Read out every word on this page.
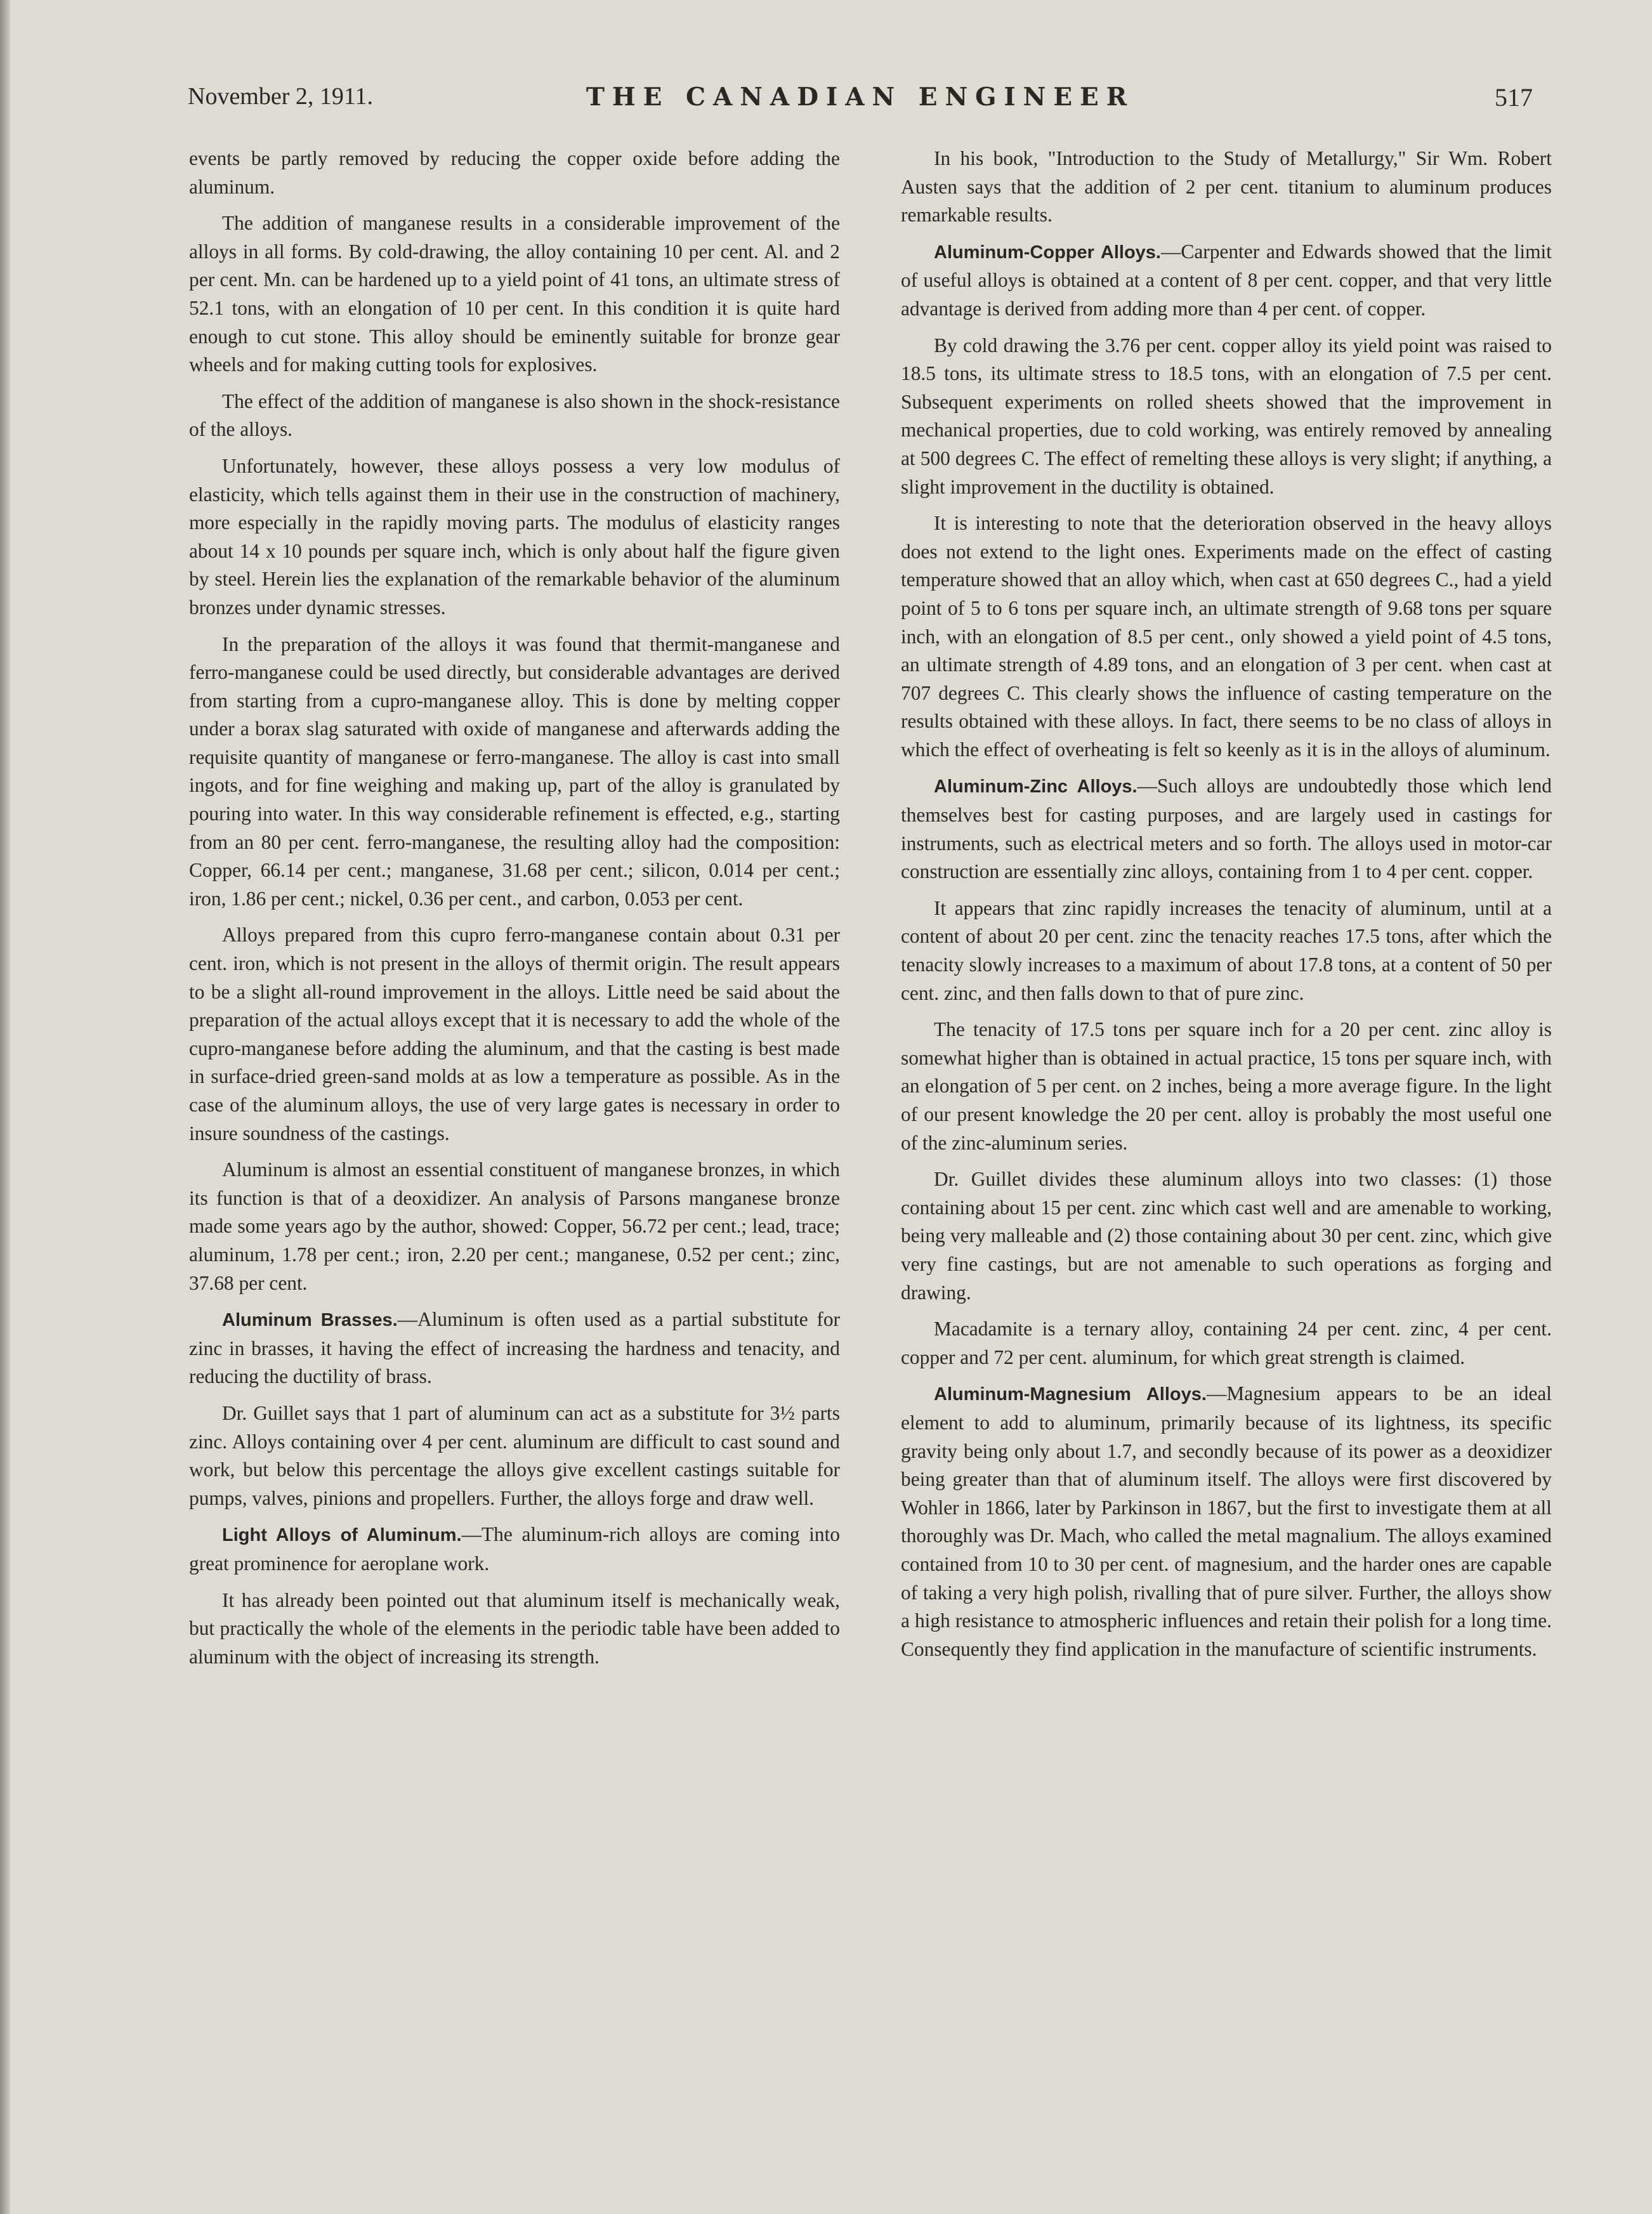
November 2, 1911.	THE CANADIAN ENGINEER	517

events be partly removed by reducing the copper oxide before adding the aluminum.

The addition of manganese results in a considerable improvement of the alloys in all forms. By cold-drawing, the alloy containing 10 per cent. Al. and 2 per cent. Mn. can be hardened up to a yield point of 41 tons, an ultimate stress of 52.1 tons, with an elongation of 10 per cent. In this condition it is quite hard enough to cut stone. This alloy should be eminently suitable for bronze gear wheels and for making cutting tools for explosives.

The effect of the addition of manganese is also shown in the shock-resistance of the alloys.

Unfortunately, however, these alloys possess a very low modulus of elasticity, which tells against them in their use in the construction of machinery, more especially in the rapidly moving parts. The modulus of elasticity ranges about 14 x 10 pounds per square inch, which is only about half the figure given by steel. Herein lies the explanation of the remarkable behavior of the aluminum bronzes under dynamic stresses.

In the preparation of the alloys it was found that thermit-manganese and ferro-manganese could be used directly, but considerable advantages are derived from starting from a cupro-manganese alloy. This is done by melting copper under a borax slag saturated with oxide of manganese and afterwards adding the requisite quantity of manganese or ferro-manganese. The alloy is cast into small ingots, and for fine weighing and making up, part of the alloy is granulated by pouring into water. In this way considerable refinement is effected, e.g., starting from an 80 per cent. ferro-manganese, the resulting alloy had the composition: Copper, 66.14 per cent.; manganese, 31.68 per cent.; silicon, 0.014 per cent.; iron, 1.86 per cent.; nickel, 0.36 per cent., and carbon, 0.053 per cent.

Alloys prepared from this cupro ferro-manganese contain about 0.31 per cent. iron, which is not present in the alloys of thermit origin. The result appears to be a slight all-round improvement in the alloys. Little need be said about the preparation of the actual alloys except that it is necessary to add the whole of the cupro-manganese before adding the aluminum, and that the casting is best made in surface-dried green-sand molds at as low a temperature as possible. As in the case of the aluminum alloys, the use of very large gates is necessary in order to insure soundness of the castings.

Aluminum is almost an essential constituent of manganese bronzes, in which its function is that of a deoxidizer. An analysis of Parsons manganese bronze made some years ago by the author, showed: Copper, 56.72 per cent.; lead, trace; aluminum, 1.78 per cent.; iron, 2.20 per cent.; manganese, 0.52 per cent.; zinc, 37.68 per cent.

Aluminum Brasses.—Aluminum is often used as a partial substitute for zinc in brasses, it having the effect of increasing the hardness and tenacity, and reducing the ductility of brass.

Dr. Guillet says that 1 part of aluminum can act as a substitute for 3½ parts zinc. Alloys containing over 4 per cent. aluminum are difficult to cast sound and work, but below this percentage the alloys give excellent castings suitable for pumps, valves, pinions and propellers. Further, the alloys forge and draw well.

Light Alloys of Aluminum.—The aluminum-rich alloys are coming into great prominence for aeroplane work.

It has already been pointed out that aluminum itself is mechanically weak, but practically the whole of the elements in the periodic table have been added to aluminum with the object of increasing its strength.

In his book, "Introduction to the Study of Metallurgy," Sir Wm. Robert Austen says that the addition of 2 per cent. titanium to aluminum produces remarkable results.

Aluminum-Copper Alloys.—Carpenter and Edwards showed that the limit of useful alloys is obtained at a content of 8 per cent. copper, and that very little advantage is derived from adding more than 4 per cent. of copper.

By cold drawing the 3.76 per cent. copper alloy its yield point was raised to 18.5 tons, its ultimate stress to 18.5 tons, with an elongation of 7.5 per cent. Subsequent experiments on rolled sheets showed that the improvement in mechanical properties, due to cold working, was entirely removed by annealing at 500 degrees C. The effect of remelting these alloys is very slight; if anything, a slight improvement in the ductility is obtained.

It is interesting to note that the deterioration observed in the heavy alloys does not extend to the light ones. Experiments made on the effect of casting temperature showed that an alloy which, when cast at 650 degrees C., had a yield point of 5 to 6 tons per square inch, an ultimate strength of 9.68 tons per square inch, with an elongation of 8.5 per cent., only showed a yield point of 4.5 tons, an ultimate strength of 4.89 tons, and an elongation of 3 per cent. when cast at 707 degrees C. This clearly shows the influence of casting temperature on the results obtained with these alloys. In fact, there seems to be no class of alloys in which the effect of overheating is felt so keenly as it is in the alloys of aluminum.

Aluminum-Zinc Alloys.—Such alloys are undoubtedly those which lend themselves best for casting purposes, and are largely used in castings for instruments, such as electrical meters and so forth. The alloys used in motor-car construction are essentially zinc alloys, containing from 1 to 4 per cent. copper.

It appears that zinc rapidly increases the tenacity of aluminum, until at a content of about 20 per cent. zinc the tenacity reaches 17.5 tons, after which the tenacity slowly increases to a maximum of about 17.8 tons, at a content of 50 per cent. zinc, and then falls down to that of pure zinc.

The tenacity of 17.5 tons per square inch for a 20 per cent. zinc alloy is somewhat higher than is obtained in actual practice, 15 tons per square inch, with an elongation of 5 per cent. on 2 inches, being a more average figure. In the light of our present knowledge the 20 per cent. alloy is probably the most useful one of the zinc-aluminum series.

Dr. Guillet divides these aluminum alloys into two classes: (1) those containing about 15 per cent. zinc which cast well and are amenable to working, being very malleable and (2) those containing about 30 per cent. zinc, which give very fine castings, but are not amenable to such operations as forging and drawing.

Macadamite is a ternary alloy, containing 24 per cent. zinc, 4 per cent. copper and 72 per cent. aluminum, for which great strength is claimed.

Aluminum-Magnesium Alloys.—Magnesium appears to be an ideal element to add to aluminum, primarily because of its lightness, its specific gravity being only about 1.7, and secondly because of its power as a deoxidizer being greater than that of aluminum itself. The alloys were first discovered by Wohler in 1866, later by Parkinson in 1867, but the first to investigate them at all thoroughly was Dr. Mach, who called the metal magnalium. The alloys examined contained from 10 to 30 per cent. of magnesium, and the harder ones are capable of taking a very high polish, rivalling that of pure silver. Further, the alloys show a high resistance to atmospheric influences and retain their polish for a long time. Consequently they find application in the manufacture of scientific instruments.
